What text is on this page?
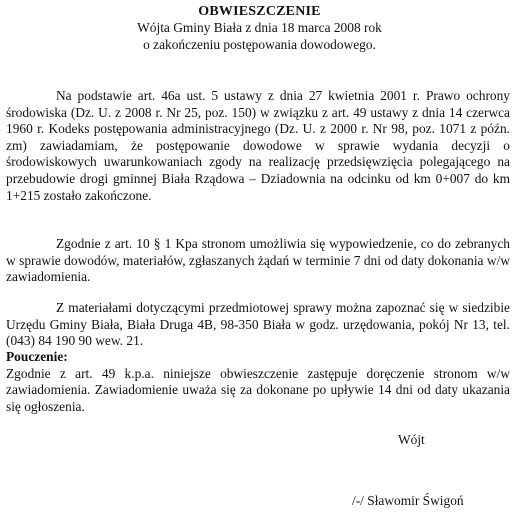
OBWIESZCZENIE
Wójta Gminy Biała z dnia 18 marca 2008 rok
o zakończeniu postępowania dowodowego.

Na podstawie art. 46a ust. 5 ustawy z dnia 27 kwietnia 2001 r. Prawo ochrony środowiska (Dz. U. z 2008 r. Nr 25, poz. 150) w związku z art. 49 ustawy z dnia 14 czerwca 1960 r. Kodeks postępowania administracyjnego (Dz. U. z 2000 r. Nr 98, poz. 1071 z późn. zm) zawiadamiam, że postępowanie dowodowe w sprawie wydania decyzji o środowiskowych uwarunkowaniach zgody na realizację przedsięwzięcia polegającego na przebudowie drogi gminnej Biała Rządowa – Dziadownia na odcinku od km 0+007 do km 1+215 zostało zakończone.

Zgodnie z art. 10 § 1 Kpa stronom umożliwia się wypowiedzenie, co do zebranych w sprawie dowodów, materiałów, zgłaszanych żądań w terminie 7 dni od daty dokonania w/w zawiadomienia.

Z materiałami dotyczącymi przedmiotowej sprawy można zapoznać się w siedzibie Urzędu Gminy Biała, Biała Druga 4B, 98-350 Biała w godz. urzędowania, pokój Nr 13, tel. (043) 84 190 90 wew. 21.

Pouczenie:
Zgodnie z art. 49 k.p.a. niniejsze obwieszczenie zastępuje doręczenie stronom w/w zawiadomienia. Zawiadomienie uważa się za dokonane po upływie 14 dni od daty ukazania się ogłoszenia.

Wójt

/-/ Sławomir Świgoń
